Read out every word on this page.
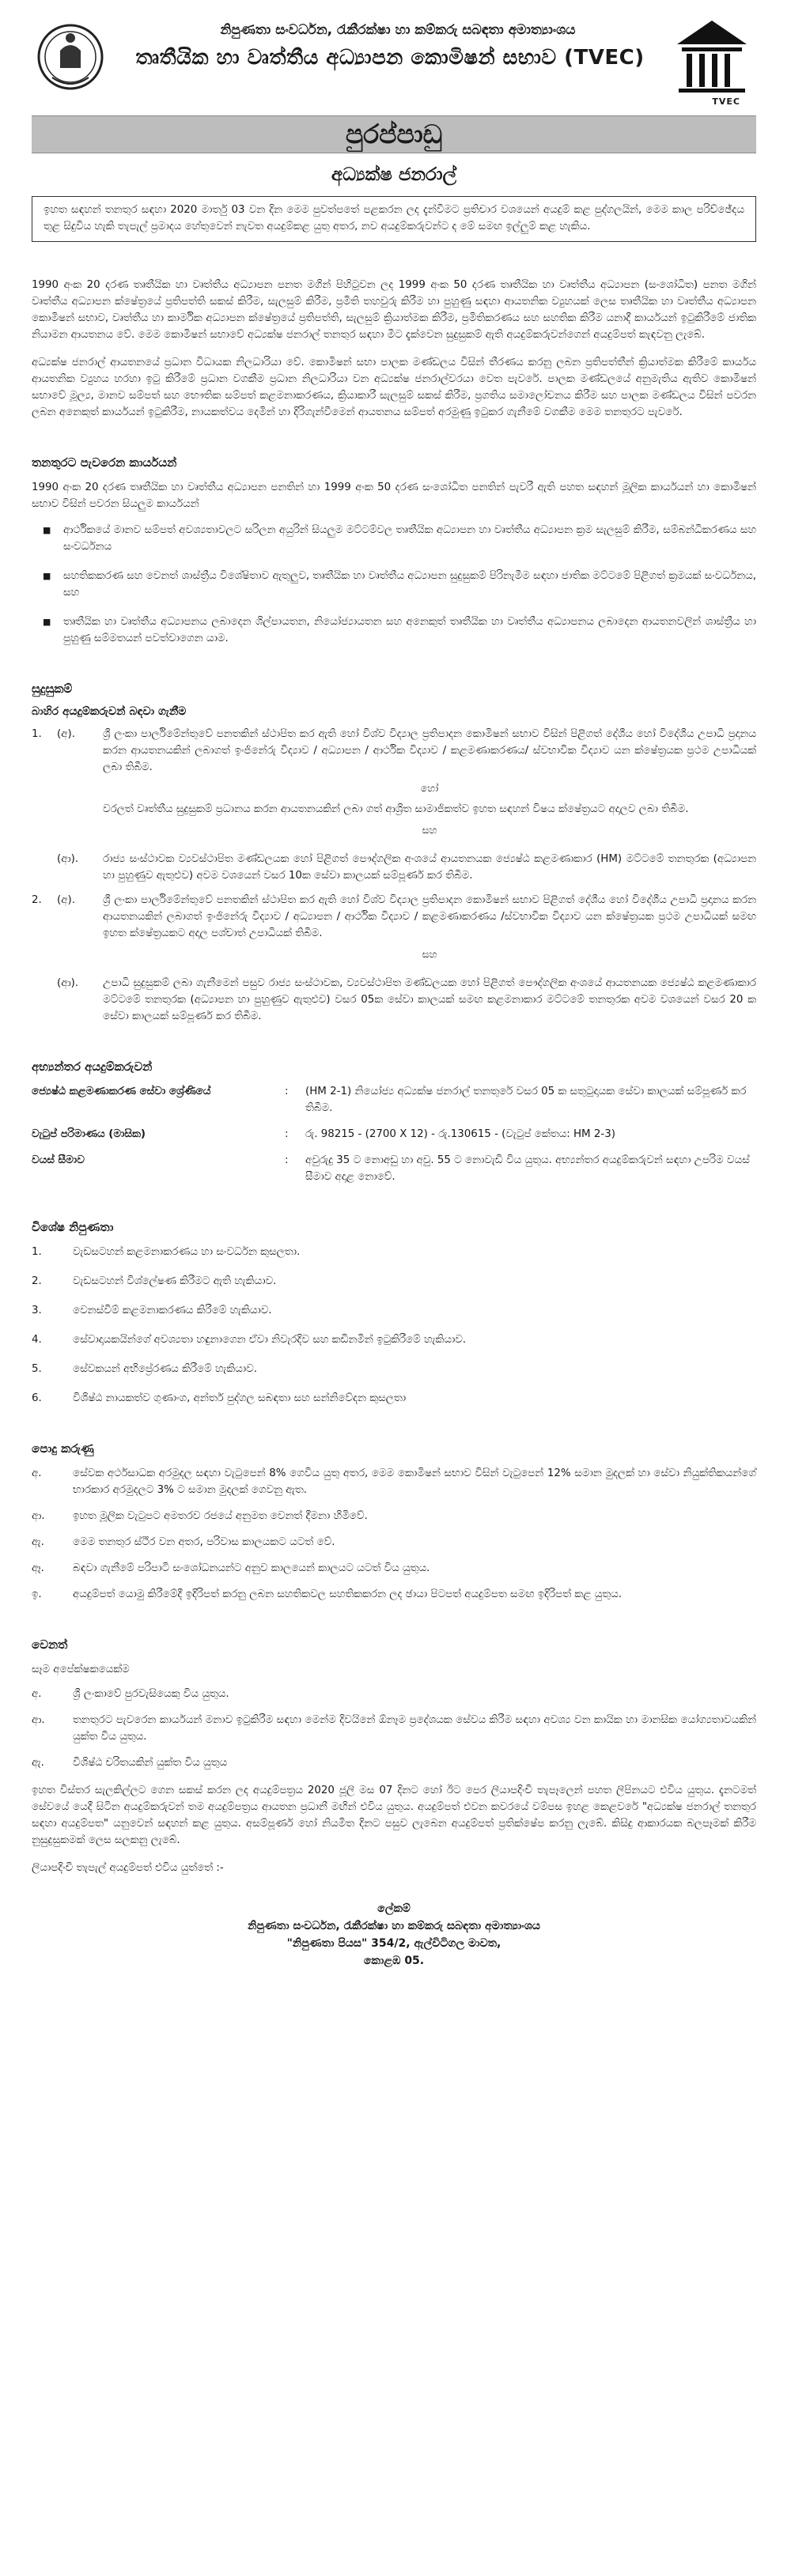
නිපුණතා සංවර්ධන, රැකීරක්ෂා හා කම්කරු සබඳතා අමාත්‍යාංශය
තෘතීයික හා වෘත්තීය අධ්‍යාපන කොමිෂන් සභාව (TVEC)
TVEC
පුරප්පාඩු
අධ්‍යක්ෂ ජනරාල්

ඉහත සඳහන් තනතුර සඳහා 2020 මාර්තු 03 වන දින මෙම පුවත්පතේ පළකරන ලද දැන්වීමට ප්‍රතිචාර වශයෙන් අයදුම් කළ පුද්ගලයින්, මෙම කාල පරිච්ඡේදය තුළ සිදුවිය හැකි තැපැල් ප්‍රමාදය හේතුවෙන් නැවත අයදුම්කළ යුතු අතර, නව අයදුම්කරුවන්ට ද මේ සමඟ ඉල්ලුම් කළ හැකිය.

1990 අංක 20 දරණ තෘතීයික හා වෘත්තීය අධ්‍යාපන පනත මගින් පිහිටුවන ලද 1999 අංක 50 දරණ තෘතීයික හා වෘත්තීය අධ්‍යාපන (සංශෝධිත) පනත මගින් වෘත්තීය අධ්‍යාපන ක්ෂේත්‍රයේ ප්‍රතිපත්ති සකස් කිරීම, සැලසුම් කිරීම, ප්‍රමිති තහවුරු කිරීම හා පුහුණු සඳහා ආයතනික ව්‍යුහයක් ලෙස තෘතීයික හා වෘත්තීය අධ්‍යාපන කොමිෂන් සභාව, වෘත්තීය හා කාර්මික අධ්‍යාපන ක්ෂේත්‍රයේ ප්‍රතිපත්ති, සැලසුම් ක්‍රියාත්මක කිරීම, ප්‍රමිතිකරණය සහ සහතික කිරීම යනාදී කාර්යයන් ඉටුකිරීමේ ජාතික නියාමන ආයතනය වේ. මෙම කොමිෂන් සභාවේ අධ්‍යක්ෂ ජනරාල් තනතුර සඳහා මීට දැක්වෙන සුදුසුකම් ඇති අයදුම්කරුවන්ගෙන් අයදුම්පත් කැඳවනු ලැබේ.

අධ්‍යක්ෂ ජනරාල් ආයතනයේ ප්‍රධාන විධායක නිලධාරියා වේ. කොමිෂන් සභා පාලක මණ්ඩලය විසින් තීරණය කරනු ලබන ප්‍රතිපත්තීන් ක්‍රියාත්මක කිරීමේ කාර්යය ආයතනික ව්‍යුහය හරහා ඉටු කිරීමේ ප්‍රධාන වගකීම ප්‍රධාන නිලධාරියා වන අධ්‍යක්ෂ ජනරාල්වරයා වෙත පැවරේ. පාලක මණ්ඩලයේ අනුමැතිය ඇතිව කොමිෂන් සභාවේ මූල්‍ය, මානව සම්පත් සහ භෞතික සම්පත් කළමනාකරණය, ක්‍රියාකාරී සැලසුම් සකස් කිරීම, ප්‍රගතිය සමාලෝචනය කිරීම සහ පාලක මණ්ඩලය විසින් පවරන ලබන අනෙකුත් කාර්යයන් ඉටුකිරීම, නායකත්වය දෙමින් හා දිරිගැන්වීමෙන් ආයතනය සම්පත් අරමුණු ඉටුකර ගැනීමේ වගකීම මෙම තනතුරට පැවරේ.

තනතුරට පැවරෙන කාර්යයන්

1990 අංක 20 දරණ තෘතීයික හා වෘත්තීය අධ්‍යාපන පනතින් හා 1999 අංක 50 දරණ සංශෝධිත පනතින් පැවරී ඇති පහත සඳහන් මූලික කාර්යයන් හා කොමිෂන් සභාව විසින් පවරන සියලුම කාර්යයන්

■ ආර්ථිකයේ මානව සම්පත් අවශ්‍යතාවලට සරිලන අයුරින් සියලුම මට්ටම්වල තෘතීයික අධ්‍යාපන හා වෘත්තීය අධ්‍යාපන ක්‍රම සැලසුම් කිරීම, සම්බන්ධීකරණය සහ සංවර්ධනය
■ සහතිකකරණ සහ වෙනත් ශාස්ත්‍රීය විශේෂිතාව ඇතුලුව, තෘතීයික හා වෘත්තීය අධ්‍යාපන සුදුසුකම් පිරිනැමීම සඳහා ජාතික මට්ටමේ පිළිගත් ක්‍රමයක් සංවර්ධනය, සහ
■ තෘතීයික හා වෘත්තීය අධ්‍යාපනය ලබාදෙන ශිල්පායතන, නියෝජ්‍යායතන සහ අනෙකුත් තෘතීයික හා වෘත්තීය අධ්‍යාපනය ලබාදෙන ආයතනවලින් ශාස්ත්‍රීය හා පුහුණු සම්මතයන් පවත්වාගෙන යාම.

සුදුසුකම්

බාහිර අයදුම්කරුවන් බඳවා ගැනීම

1.	(අ).	ශ්‍රී ලංකා පාර්ලිමේන්තුවේ පනතකින් ස්ථාපිත කර ඇති හෝ විශ්ව විද්‍යාල ප්‍රතිපාදන කොමිෂන් සභාව විසින් පිළිගත් දේශීය හෝ විදේශීය උපාධි ප්‍රදානය කරන ආයතනයකින් ලබාගත් ඉංජිනේරු විද්‍යාව / අධ්‍යාපන / ආර්ථික විද්‍යාව / කළමණාකරණය/ ස්වභාවික විද්‍යාව යන ක්ෂේත්‍රයක ප්‍රථම උපාධියක් ලබා තිබීම.

හෝ

වරලත් වෘත්තීය සුදුසුකම් ප්‍රධානය කරන ආයතනයකින් ලබා ගත් ආශ්‍රිත සාමාජිකත්ව ඉහත සඳහන් විෂය ක්ෂේත්‍රයට අදාලව ලබා තිබීම.

සහ
(ආ).	රාජ්‍ය සංස්ථාවක ව්‍යවස්ථාපිත මණ්ඩලයක හෝ පිළිගත් පෞද්ගලික අංශයේ ආයතනයක ජ්‍යෙෂ්ඨ කළමණාකාර (HM) මට්ටමේ තනතුරක (අධ්‍යාපන හා පුහුණුව ඇතුළුව) අවම වශයෙන් වසර 10ක සේවා කාලයක් සම්පූර්ණ කර තිබීම.

2.	(අ).	ශ්‍රී ලංකා පාර්ලිමේන්තුවේ පනතකින් ස්ථාපිත කර ඇති හෝ විශ්ව විද්‍යාල ප්‍රතිපාදන කොමිෂන් සභාව පිළිගත් දේශීය හෝ විදේශීය උපාධි ප්‍රදානය කරන ආයතනයකින් ලබාගත් ඉංජිනේරු විද්‍යාව / අධ්‍යාපන / ආර්ථික විද්‍යාව / කළමණාකරණය /ස්වභාවික විද්‍යාව යන ක්ෂේත්‍රයක ප්‍රථම උපාධියක් සමඟ ඉහත ක්ෂේත්‍රයකට අදාල පශ්චාත් උපාධියක් තිබීම.

සහ
(ආ).	උපාධි සුදුසුකම් ලබා ගැනීමෙන් පසුව රාජ්‍ය සංස්ථාවක, ව්‍යවස්ථාපිත මණ්ඩලයක හෝ පිළිගත් පෞද්ගලික අංශයේ ආයතනයක ජ්‍යෙෂ්ඨ කළමණාකාර මට්ටමේ තනතුරක (අධ්‍යාපන හා පුහුණුව ඇතුළුව) වසර 05ක සේවා කාලයක් සමඟ කළමනාකාර මට්ටමේ තනතුරක අවම වශයෙන් වසර 20 ක සේවා කාලයක් සම්පූර්ණ කර තිබීම.

අභ්‍යන්තර අයදුම්කරුවන්

ජ්‍යෙෂ්ඨ කළමණාකරණ සේවා ශ්‍රේණියේ	:	(HM 2-1) නියෝජ්‍ය අධ්‍යක්ෂ ජනරාල් තනතුරේ වසර 05 ක සතුටුදායක සේවා කාලයක් සම්පූර්ණ කර තිබීම.
වැටුප් පරිමාණය (මාසික)	:	රු. 98215 - (2700 X 12) - රු.130615 - (වැටුප් කේතය: HM 2-3)
වයස් සීමාව	:	අවුරුදු 35 ට නොඅඩු හා අවු. 55 ට නොවැඩි විය යුතුය. අභ්‍යන්තර අයදුම්කරුවන් සඳහා උපරිම වයස් සීමාව අදාළ නොවේ.

විශේෂ නිපුණතා

1.	වැඩසටහන් කළමනාකරණය හා සංවර්ධන කුසලතා.
2.	වැඩසටහන් විශ්ලේෂණ කිරීමට ඇති හැකියාව.
3.	වෙනස්වීම් කළමනාකරණය කිරීමේ හැකියාව.
4.	සේවාදායකයින්ගේ අවශ්‍යතා හඳුනාගෙන ඒවා නිවැරදිව සහ කඩිනමින් ඉටුකිරීමේ හැකියාව.
5.	සේවකයන් අභිප්‍රේරණය කිරීමේ හැකියාව.
6.	විශිෂ්ඨ නායකත්ව ගුණාංග, අන්තර් පුද්ගල සබඳතා සහ සන්නිවේදන කුසලතා

පොදු කරුණු

අ.	සේවක අර්ථසාධක අරමුදල සඳහා වැටුපෙන් 8% ගෙවිය යුතු අතර, මෙම කොමිෂන් සභාව විසින් වැටුපෙන් 12% සමාන මුදලක් හා සේවා නියුක්තිකයන්ගේ භාරකාර අරමුදලට 3% ට සමාන මුදලක් ගෙවනු ඇත.
ආ.	ඉහත මූලික වැටුපට අමතරව රජයේ අනුමත වෙනත් දීමනා හිමිවේ.
ඇ.	මෙම තනතුර ස්ථිර වන අතර, පරිවාස කාලයකට යටත් වේ.
ඈ.	බඳවා ගැනීමේ පරිපාටි සංශෝධනයන්ට අනුව කාලයෙන් කාලයට යටත් විය යුතුය.
ඉ.	අයදුම්පත් යොමු කිරීමේදී ඉදිරිපත් කරනු ලබන සහතිකවල සහතිකකරන ලද ඡායා පිටපත් අයදුම්පත සමඟ ඉදිරිපත් කළ යුතුය.

වෙනත්

සෑම අපේක්ෂකයෙක්ම

අ.	ශ්‍රී ලංකාවේ පුරවැසියෙකු විය යුතුය.
ආ.	තනතුරට පැවරෙන කාර්යයන් මනාව ඉටුකිරීම සඳහා මෙන්ම දිවයිනේ ඕනෑම ප්‍රදේශයක සේවය කිරීම සඳහා අවශ්‍ය වන කායික හා මානසික යෝග්‍යතාවයකින් යුක්ත විය යුතුය.
ඇ.	විශිෂ්ඨ චරිතයකින් යුක්ත විය යුතුය

ඉහත විස්තර සැලකිල්ලට ගෙන සකස් කරන ලද අයදුම්පත්‍රය 2020 ජූලි මස 07 දිනට හෝ ඊට පෙර ලියාපදිංචි තැපෑලෙන් පහත ලිපිනයට එවිය යුතුය. දැනටමත් සේවයේ යෙදී සිටින අයදුම්කරුවන් තම අයදුම්පත්‍රය ආයතන ප්‍රධානී මඟින් එවිය යුතුය. අයදුම්පත් එවන කවරයේ වම්පස ඉහළ කෙළවරේ "අධ්‍යක්ෂ ජනරාල් තනතුර සඳහා අයදුම්පත" යනුවෙන් සඳහන් කළ යුතුය. අසම්පූර්ණ හෝ නියමිත දිනට පසුව ලැබෙන අයදුම්පත් ප්‍රතික්ෂේප කරනු ලැබේ. කිසිදු ආකාරයක බලපෑමක් කිරීම නුසුදුසුකමක් ලෙස සලකනු ලැබේ.

ලියාපදිංචි තැපැල් අයදුම්පත් එවිය යුත්තේ :-

ලේකම්
නිපුණතා සංවර්ධන, රැකීරක්ෂා හා කම්කරු සබඳතා අමාත්‍යාංශය
"නිපුණතා පියස" 354/2, ඇල්විටිගල මාවත,
කොළඹ 05.
